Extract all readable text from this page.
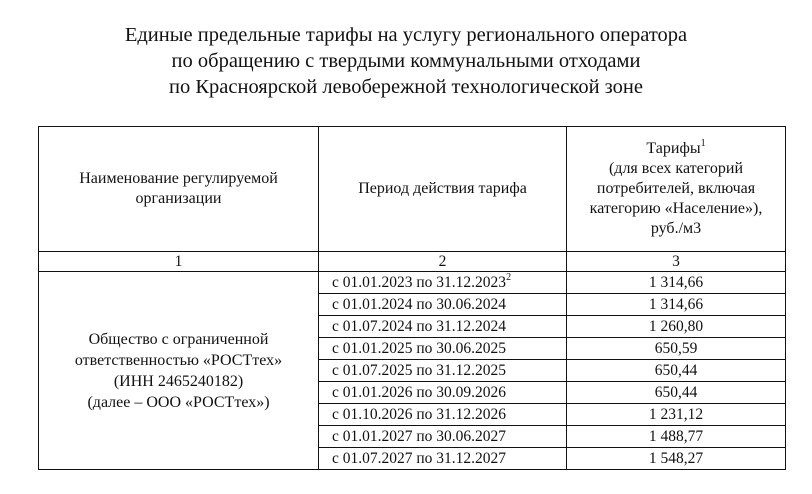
Единые предельные тарифы на услугу регионального оператора
по обращению с твердыми коммунальными отходами
по Красноярской левобережной технологической зоне
Наименование регулируемой организации	Период действия тарифа	Тарифы$^1$
(для всех категорий
потребителей, включая
категорию «Население»),
руб./м3

1	2	3

Общество с ограниченной
ответственностью «РОСТтех»
(ИНН 2465240182)
(далее – ООО «РОСТтех»)	с 01.01.2023 по 31.12.2023$^2$	1 314,66
	с 01.01.2024 по 30.06.2024	1 314,66
	с 01.07.2024 по 31.12.2024	1 260,80
	с 01.01.2025 по 30.06.2025	650,59
	с 01.07.2025 по 31.12.2025	650,44
	с 01.01.2026 по 30.09.2026	650,44
	с 01.10.2026 по 31.12.2026	1 231,12
	с 01.01.2027 по 30.06.2027	1 488,77
	с 01.07.2027 по 31.12.2027	1 548,27
